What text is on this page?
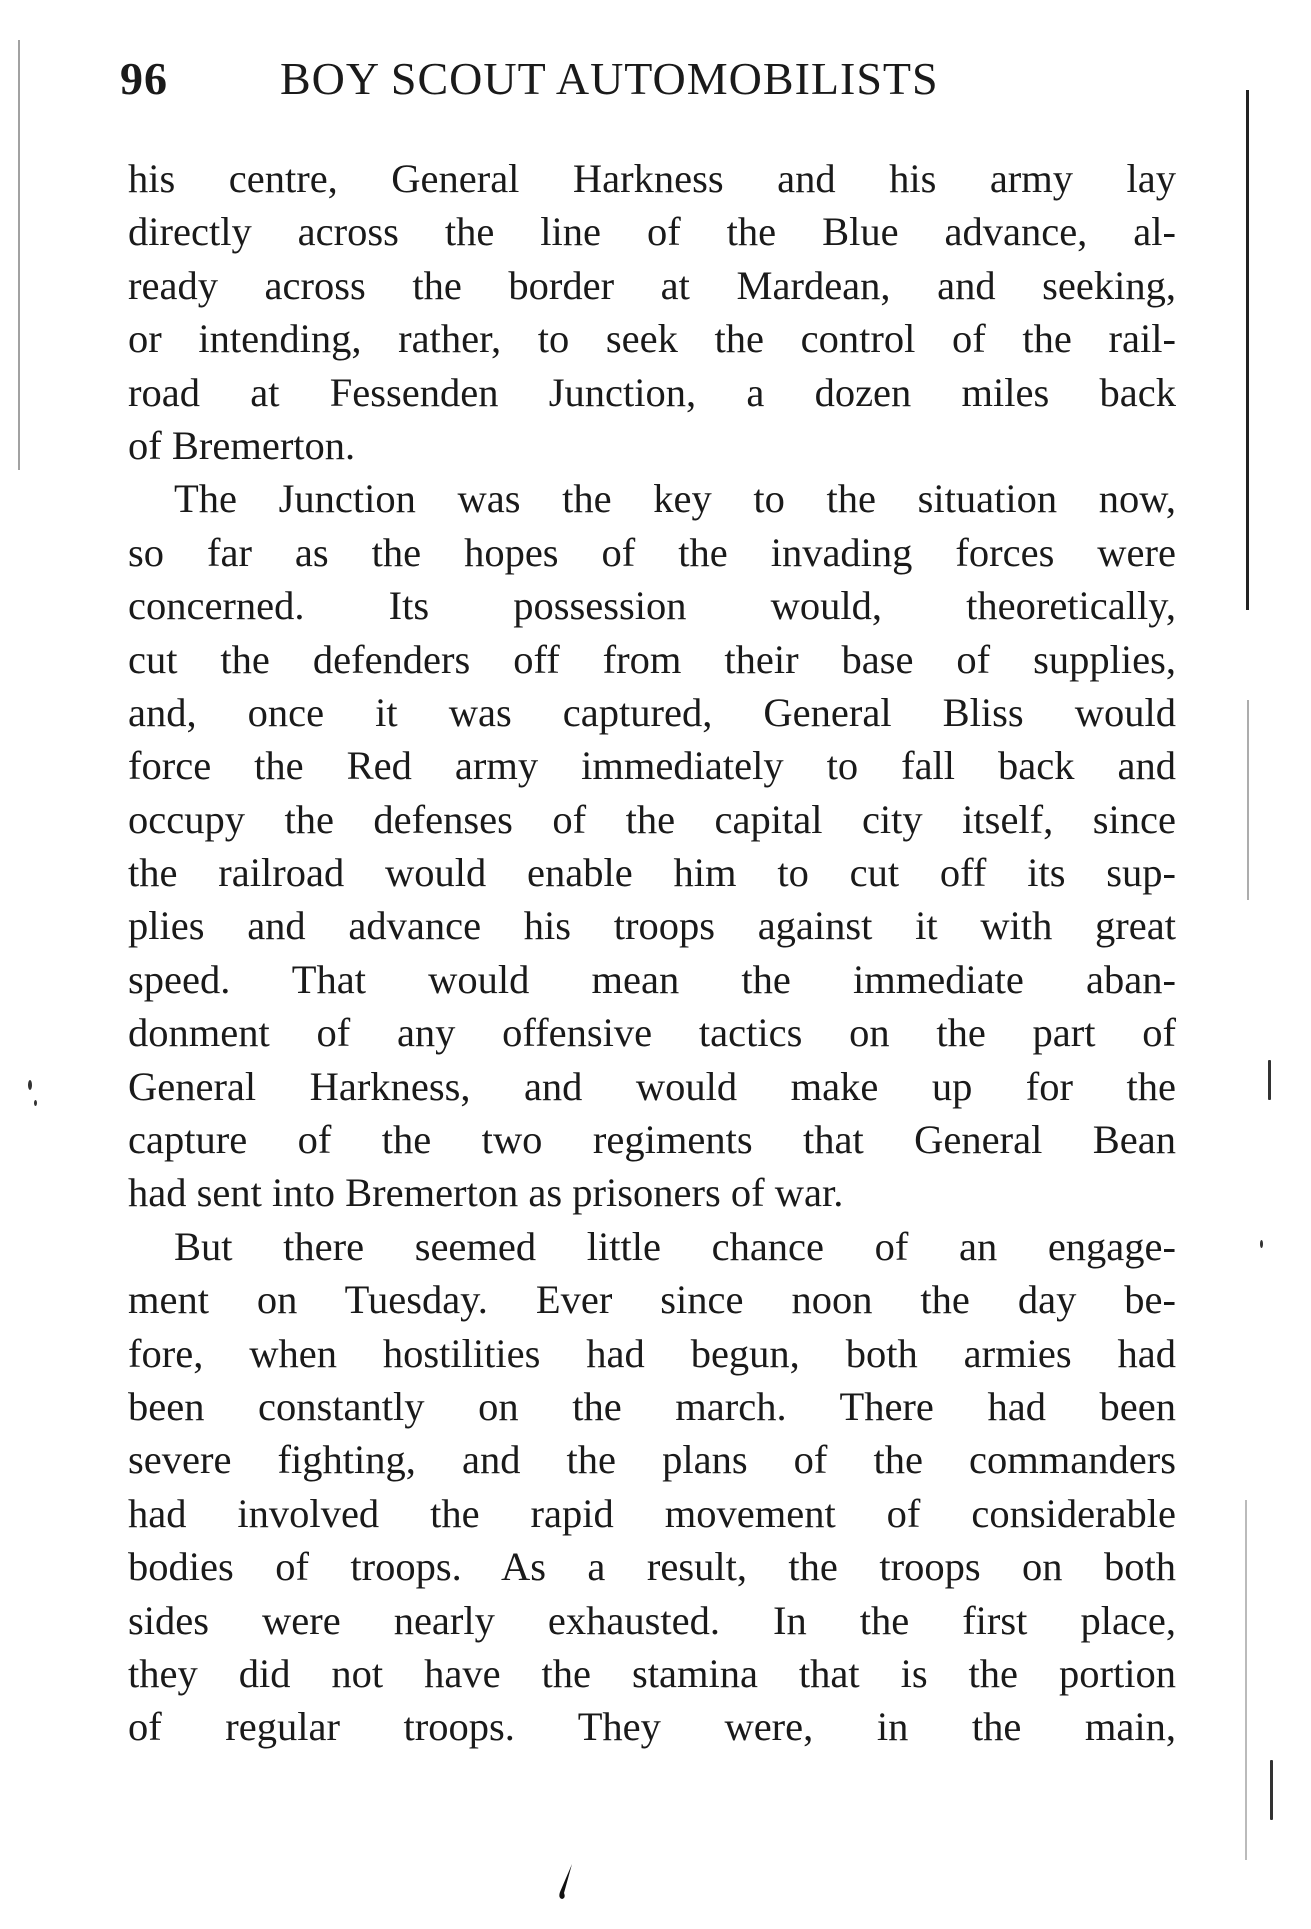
96 BOY SCOUT AUTOMOBILISTS
his centre, General Harkness and his army lay
directly across the line of the Blue advance, al-
ready across the border at Mardean, and seeking,
or intending, rather, to seek the control of the rail-
road at Fessenden Junction, a dozen miles back
of Bremerton.
The Junction was the key to the situation now,
so far as the hopes of the invading forces were
concerned. Its possession would, theoretically,
cut the defenders off from their base of supplies,
and, once it was captured, General Bliss would
force the Red army immediately to fall back and
occupy the defenses of the capital city itself, since
the railroad would enable him to cut off its sup-
plies and advance his troops against it with great
speed. That would mean the immediate aban-
donment of any offensive tactics on the part of
General Harkness, and would make up for the
capture of the two regiments that General Bean
had sent into Bremerton as prisoners of war.
But there seemed little chance of an engage-
ment on Tuesday. Ever since noon the day be-
fore, when hostilities had begun, both armies had
been constantly on the march. There had been
severe fighting, and the plans of the commanders
had involved the rapid movement of considerable
bodies of troops. As a result, the troops on both
sides were nearly exhausted. In the first place,
they did not have the stamina that is the portion
of regular troops. They were, in the main,
